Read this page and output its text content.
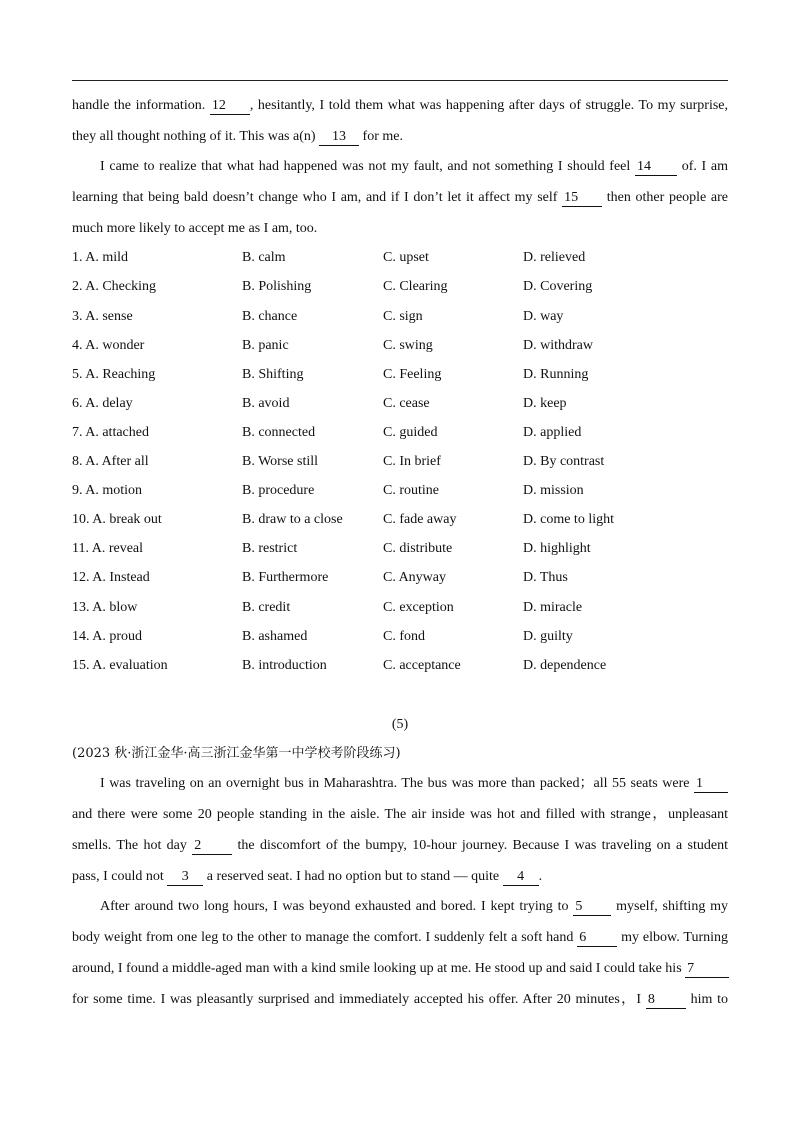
handle the information. 12 , hesitantly, I told them what was happening after days of struggle. To my surprise,
they all thought nothing of it. This was a(n) 13 for me.
I came to realize that what had happened was not my fault, and not something I should feel 14 of. I am
learning that being bald doesn’t change who I am, and if I don’t let it affect my self 15 then other people are
much more likely to accept me as I am, too.
1. A. mild	B. calm	C. upset	D. relieved
2. A. Checking	B. Polishing	C. Clearing	D. Covering
3. A. sense	B. chance	C. sign	D. way
4. A. wonder	B. panic	C. swing	D. withdraw
5. A. Reaching	B. Shifting	C. Feeling	D. Running
6. A. delay	B. avoid	C. cease	D. keep
7. A. attached	B. connected	C. guided	D. applied
8. A. After all	B. Worse still	C. In brief	D. By contrast
9. A. motion	B. procedure	C. routine	D. mission
10. A. break out	B. draw to a close	C. fade away	D. come to light
11. A. reveal	B. restrict	C. distribute	D. highlight
12. A. Instead	B. Furthermore	C. Anyway	D. Thus
13. A. blow	B. credit	C. exception	D. miracle
14. A. proud	B. ashamed	C. fond	D. guilty
15. A. evaluation	B. introduction	C. acceptance	D. dependence
(5)
(2023 秋·浙江金华·高三浙江金华第一中学校考阶段练习)
I was traveling on an overnight bus in Maharashtra. The bus was more than packed；all 55 seats were 1
and there were some 20 people standing in the aisle. The air inside was hot and filled with strange，unpleasant
smells. The hot day 2	the discomfort of the bumpy, 10-hour journey. Because I was traveling on a student
pass, I could not 3 a reserved seat. I had no option but to stand — quite 4 .
After around two long hours, I was beyond exhausted and bored. I kept trying to 5 myself, shifting my
body weight from one leg to the other to manage the comfort. I suddenly felt a soft hand 6 my elbow. Turning
around, I found a middle-aged man with a kind smile looking up at me. He stood up and said I could take his 7
for some time. I was pleasantly surprised and immediately accepted his offer. After 20 minutes，I 8	him to
